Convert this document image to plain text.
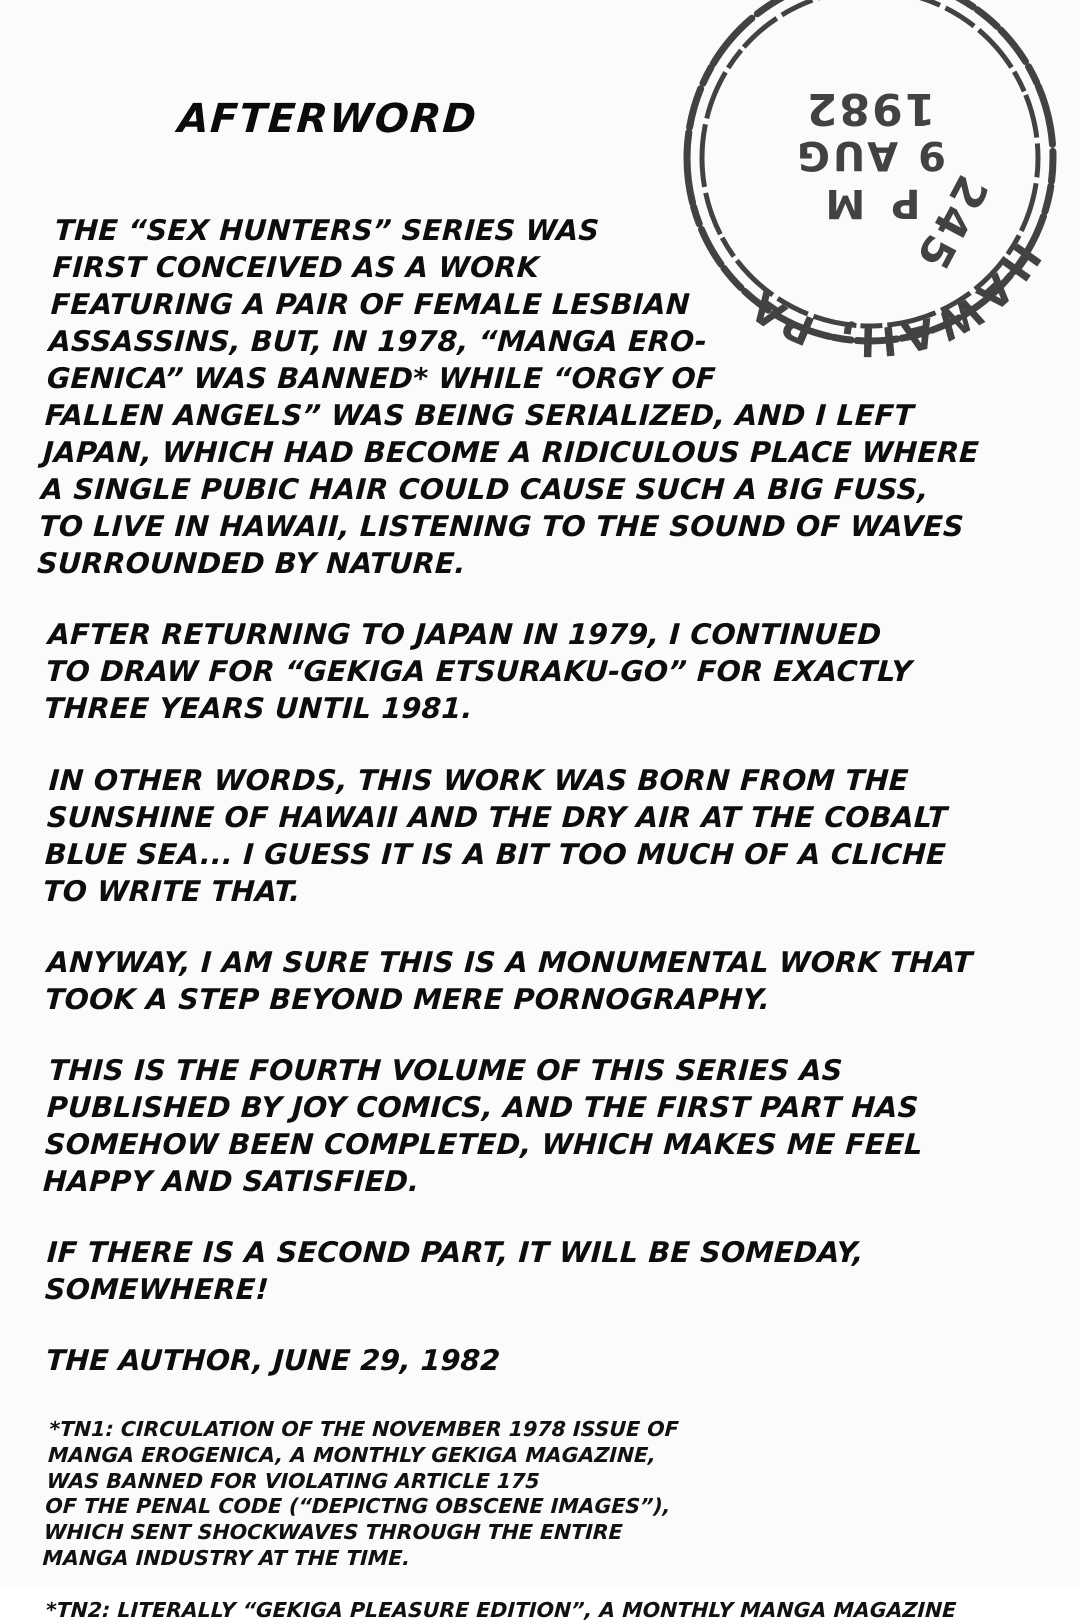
HAWAII, PA
245
P M
9 AUG
1982
AFTERWORD

THE “SEX HUNTERS” SERIES WAS
FIRST CONCEIVED AS A WORK
FEATURING A PAIR OF FEMALE LESBIAN
ASSASSINS, BUT, IN 1978, “MANGA ERO-
GENICA” WAS BANNED* WHILE “ORGY OF
FALLEN ANGELS” WAS BEING SERIALIZED, AND I LEFT
JAPAN, WHICH HAD BECOME A RIDICULOUS PLACE WHERE
A SINGLE PUBIC HAIR COULD CAUSE SUCH A BIG FUSS,
TO LIVE IN HAWAII, LISTENING TO THE SOUND OF WAVES
SURROUNDED BY NATURE.

AFTER RETURNING TO JAPAN IN 1979, I CONTINUED
TO DRAW FOR “GEKIGA ETSURAKU-GO” FOR EXACTLY
THREE YEARS UNTIL 1981.

IN OTHER WORDS, THIS WORK WAS BORN FROM THE
SUNSHINE OF HAWAII AND THE DRY AIR AT THE COBALT
BLUE SEA... I GUESS IT IS A BIT TOO MUCH OF A CLICHE
TO WRITE THAT.

ANYWAY, I AM SURE THIS IS A MONUMENTAL WORK THAT
TOOK A STEP BEYOND MERE PORNOGRAPHY.

THIS IS THE FOURTH VOLUME OF THIS SERIES AS
PUBLISHED BY JOY COMICS, AND THE FIRST PART HAS
SOMEHOW BEEN COMPLETED, WHICH MAKES ME FEEL
HAPPY AND SATISFIED.

IF THERE IS A SECOND PART, IT WILL BE SOMEDAY,
SOMEWHERE!

THE AUTHOR, JUNE 29, 1982

*TN1: CIRCULATION OF THE NOVEMBER 1978 ISSUE OF
MANGA EROGENICA, A MONTHLY GEKIGA MAGAZINE,
WAS BANNED FOR VIOLATING ARTICLE 175
OF THE PENAL CODE (“DEPICTNG OBSCENE IMAGES”),
WHICH SENT SHOCKWAVES THROUGH THE ENTIRE
MANGA INDUSTRY AT THE TIME.

*TN2: LITERALLY “GEKIGA PLEASURE EDITION”, A MONTHLY MANGA MAGAZINE
